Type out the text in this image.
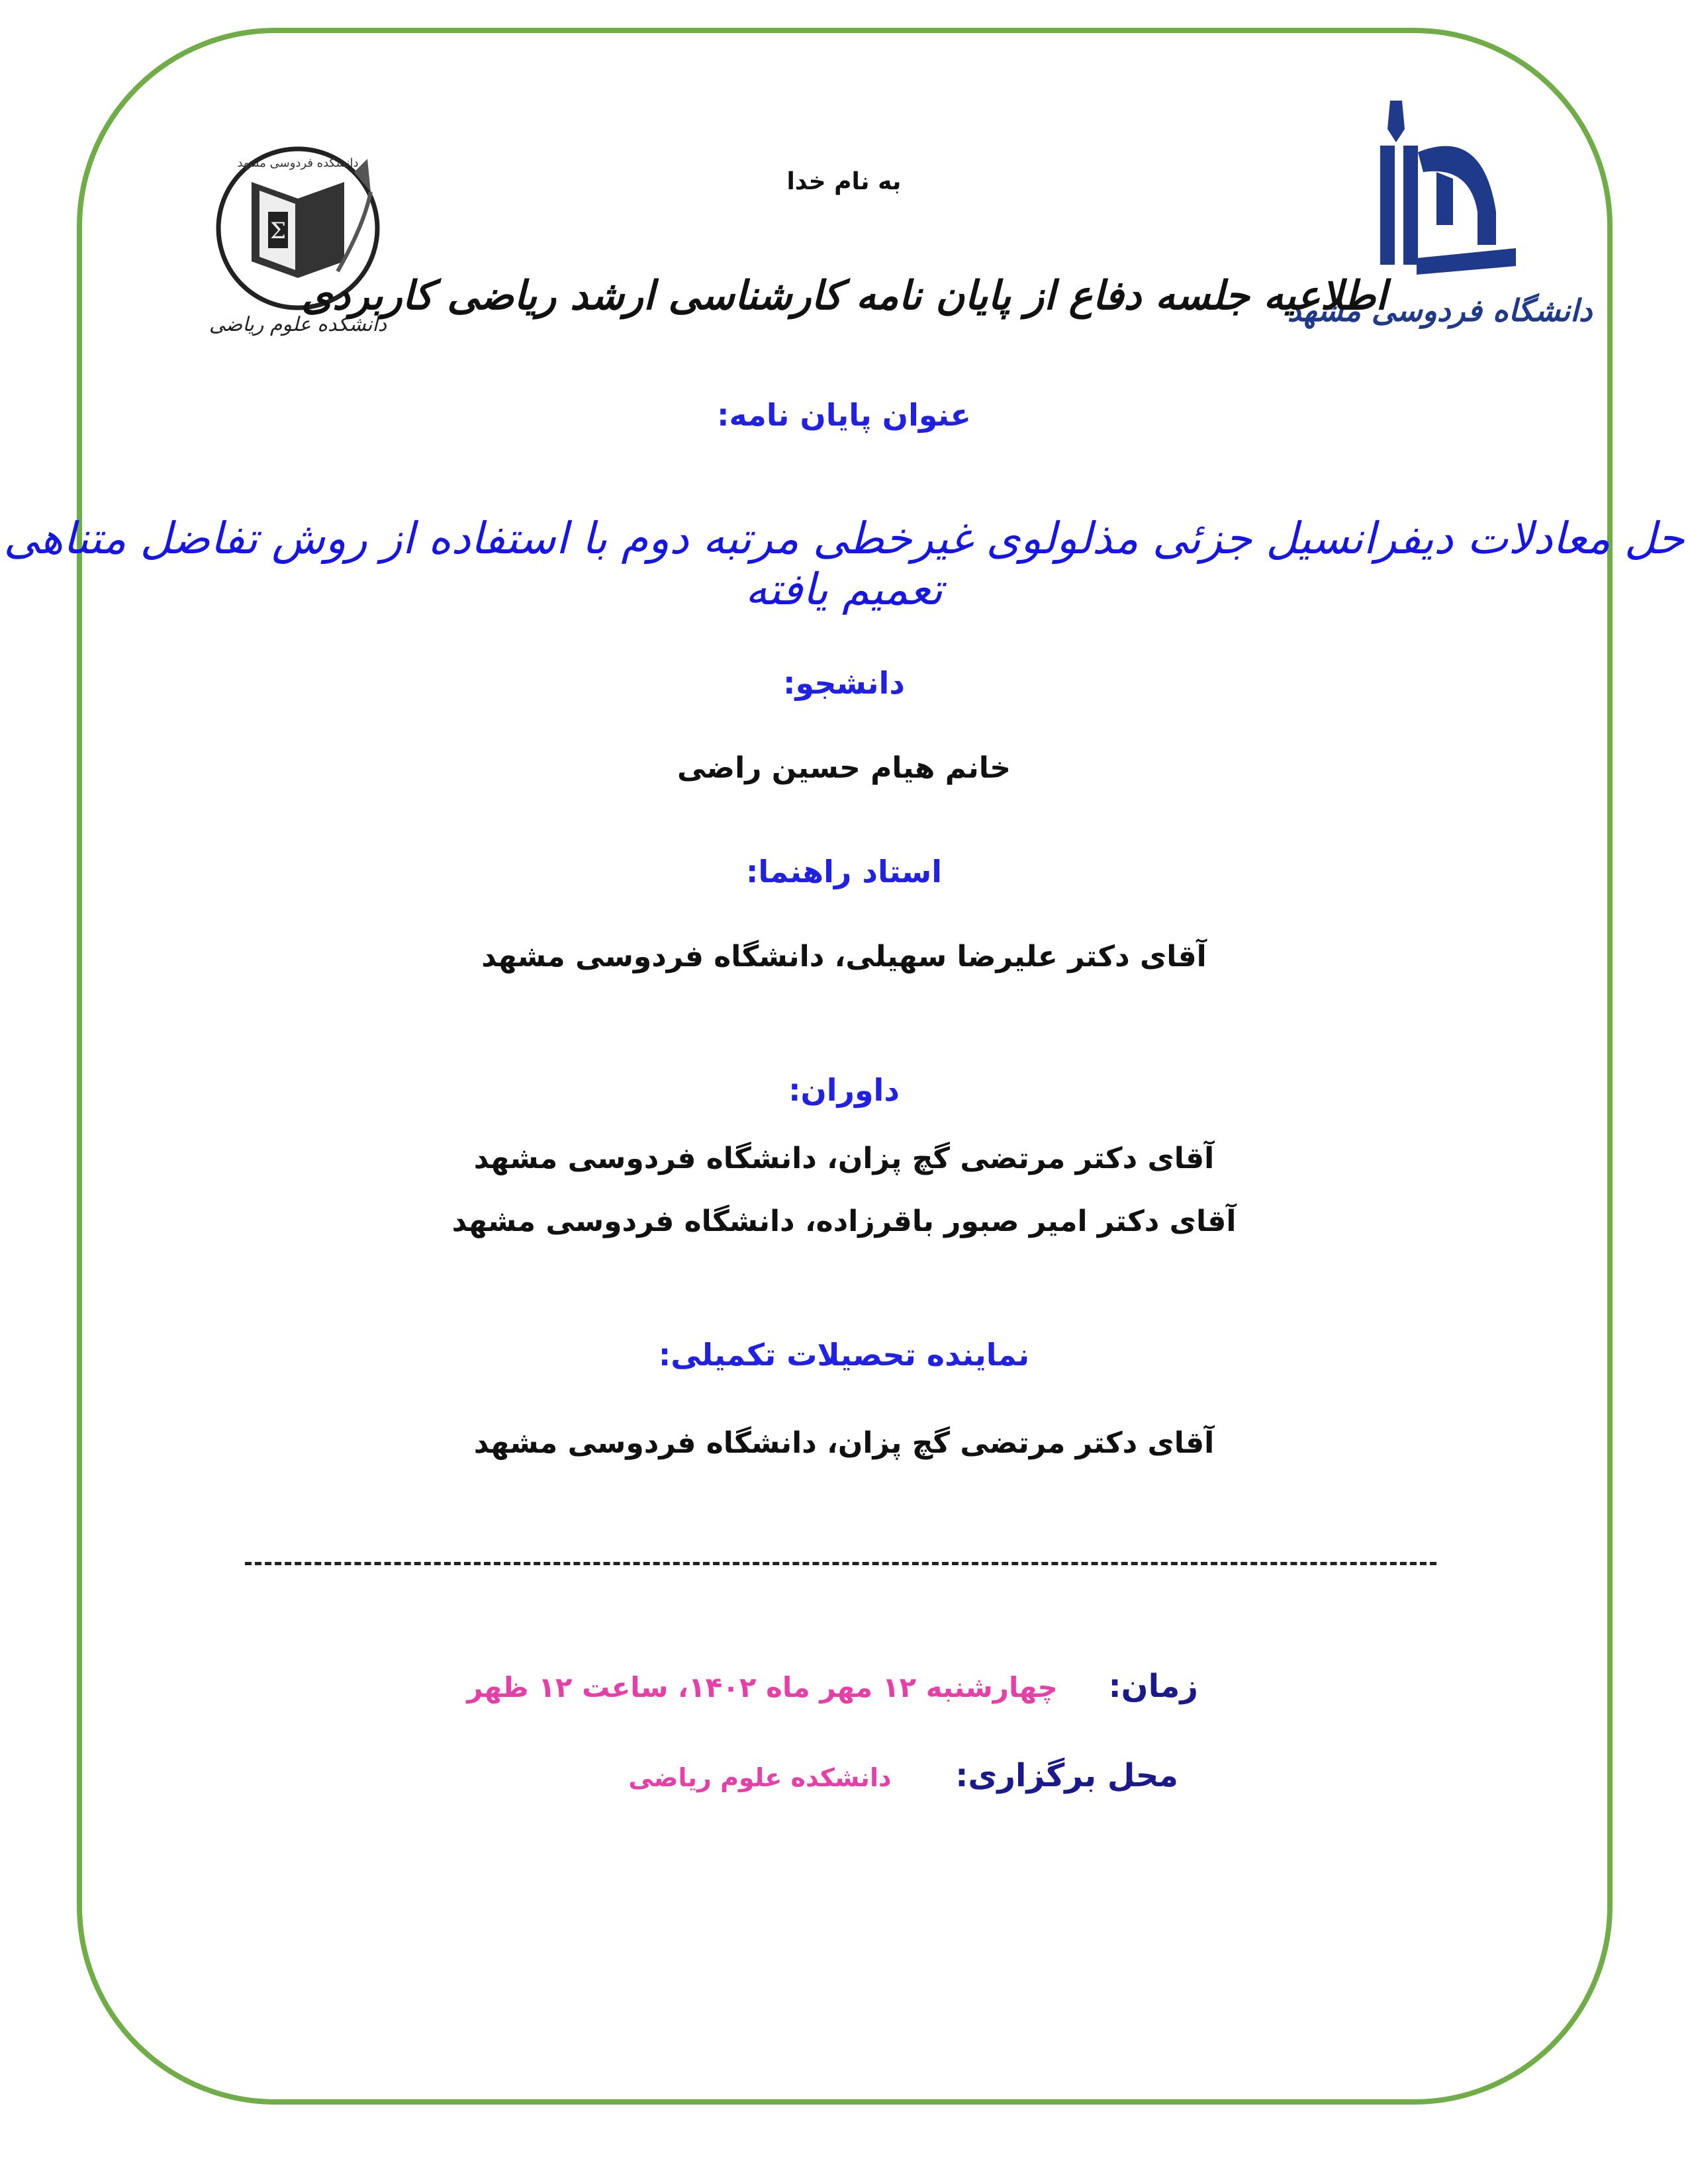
Σ
دانشکده فردوسی مشهد
دانشکده علوم ریاضی	دانشگاه فردوسی مشهد
به نام خدا
اطلاعیه جلسه دفاع از پایان نامه کارشناسی ارشد ریاضی کاربردی
عنوان پایان نامه:
حل معادلات دیفرانسیل جزئی مذلولوی غیرخطی مرتبه دوم با استفاده از روش تفاضل متناهی تعمیم یافته
دانشجو:
خانم هیام حسین راضی
استاد راهنما:
آقای دکتر علیرضا سهیلی، دانشگاه فردوسی مشهد
داوران:
آقای دکتر مرتضی گچ پزان، دانشگاه فردوسی مشهد
آقای دکتر امیر صبور باقرزاده، دانشگاه فردوسی مشهد
نماینده تحصیلات تکمیلی:
آقای دکتر مرتضی گچ پزان، دانشگاه فردوسی مشهد
زمان: چهارشنبه ۱۲ مهر ماه ۱۴۰۲، ساعت ۱۲ ظهر
محل برگزاری: دانشکده علوم ریاضی
